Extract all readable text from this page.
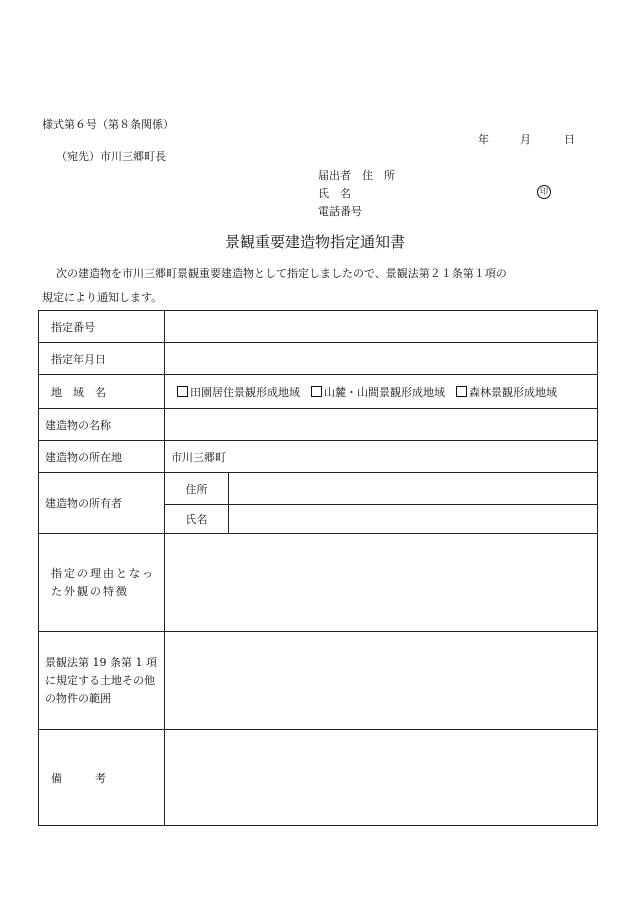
様式第６号（第８条関係）
年	月	日
（宛先）市川三郷町長
届出者　 住　所
氏　名
電話番号
印
景観重要建造物指定通知書
次の建造物を市川三郷町景観重要建造物として指定しましたので、景観法第２１条第１項の
規定により通知します。
指定番号		
指定年月日		
地　域　名	田園居住景観形成地域 山麓・山間景観形成地域 森林景観形成地域	
建造物の名称		
建造物の所在地	市川三郷町	
建造物の所有者	住所	
	氏名	
指定の理由となった外観の特徴		
景観法第 19 条第 1 項に規定する土地その他の物件の範囲		
備　　　考		
